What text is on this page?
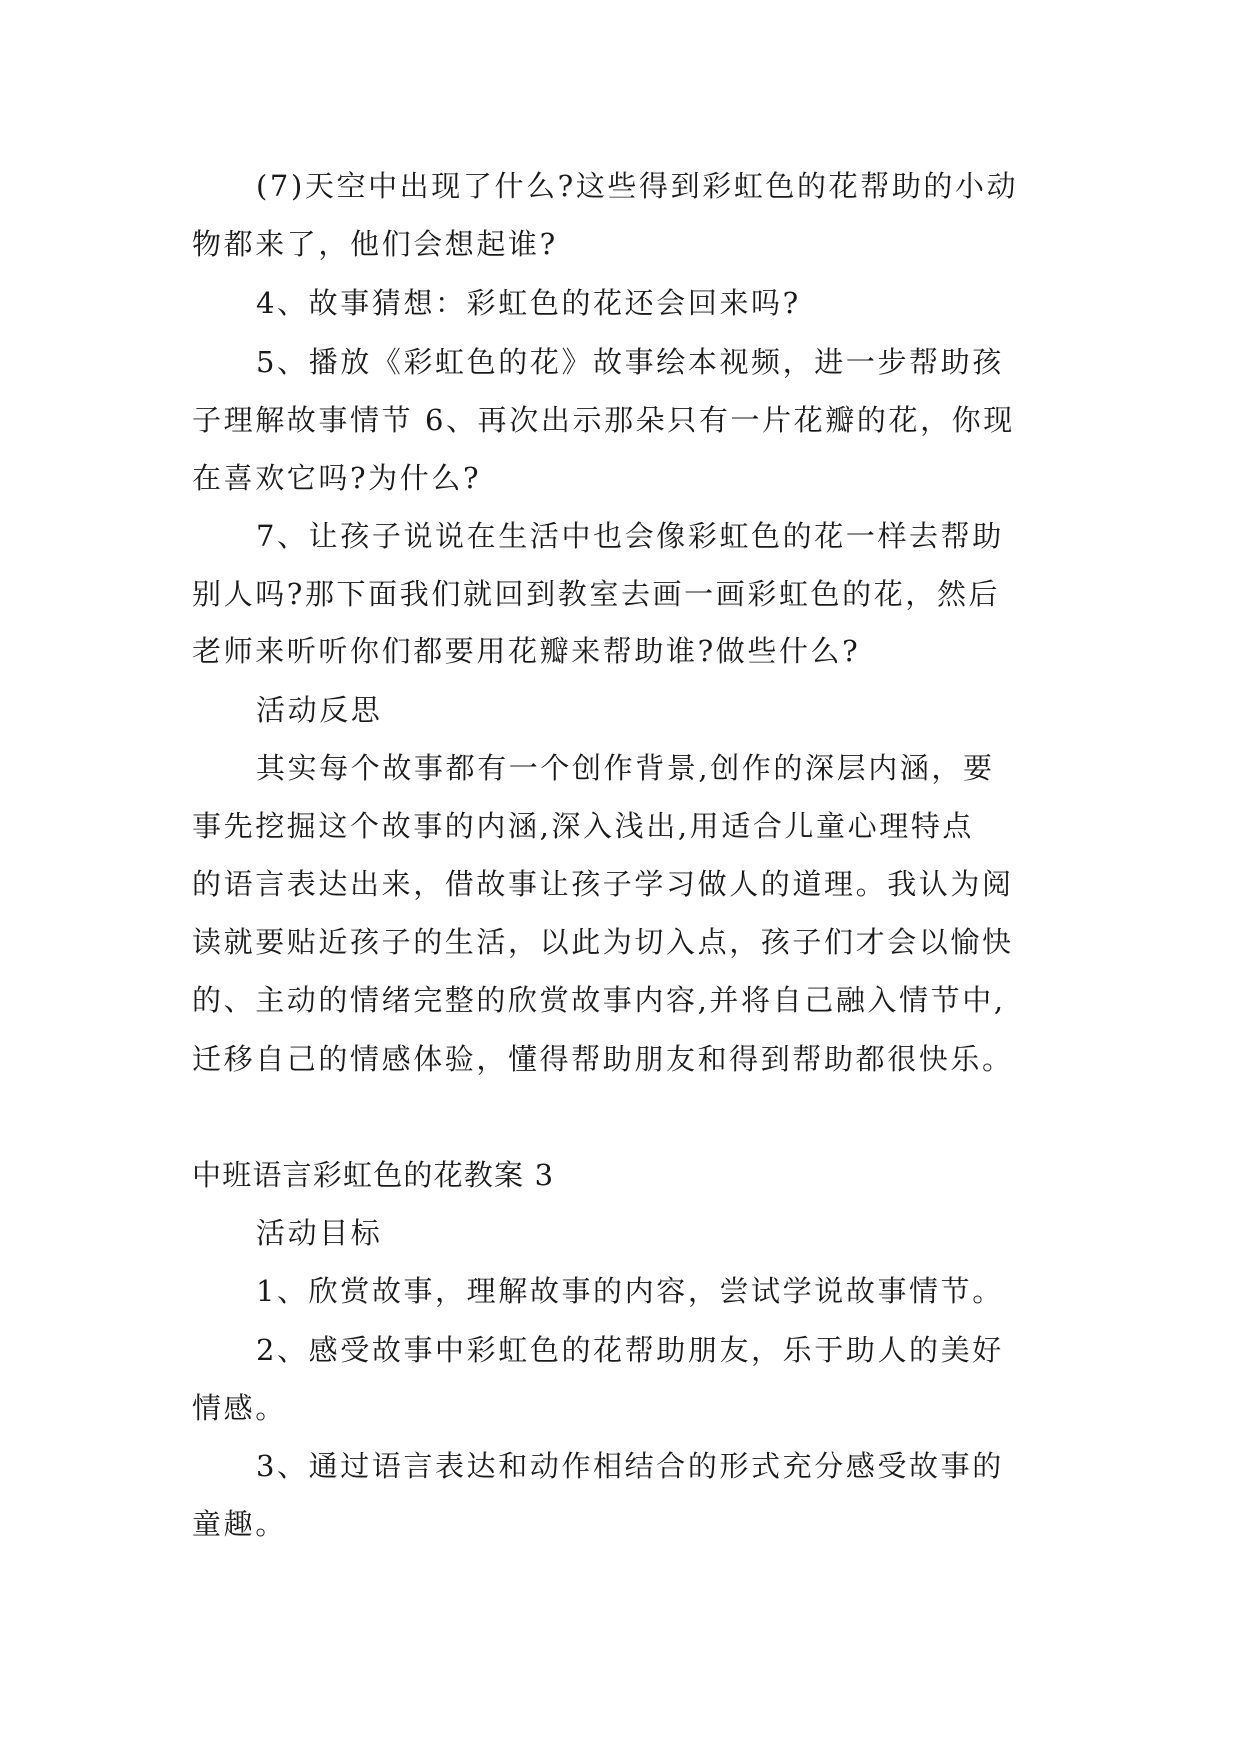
(7)天空中出现了什么?这些得到彩虹色的花帮助的小动
物都来了，他们会想起谁?
4、故事猜想：彩虹色的花还会回来吗?
5、播放《彩虹色的花》故事绘本视频，进一步帮助孩
子理解故事情节 6、再次出示那朵只有一片花瓣的花，你现
在喜欢它吗?为什么?
7、让孩子说说在生活中也会像彩虹色的花一样去帮助
别人吗?那下面我们就回到教室去画一画彩虹色的花，然后
老师来听听你们都要用花瓣来帮助谁?做些什么?
活动反思
其实每个故事都有一个创作背景,创作的深层内涵，要
事先挖掘这个故事的内涵,深入浅出,用适合儿童心理特点
的语言表达出来，借故事让孩子学习做人的道理。我认为阅
读就要贴近孩子的生活，以此为切入点，孩子们才会以愉快
的、主动的情绪完整的欣赏故事内容,并将自己融入情节中,
迁移自己的情感体验，懂得帮助朋友和得到帮助都很快乐。
中班语言彩虹色的花教案 3
活动目标
1、欣赏故事，理解故事的内容，尝试学说故事情节。
2、感受故事中彩虹色的花帮助朋友，乐于助人的美好
情感。
3、通过语言表达和动作相结合的形式充分感受故事的
童趣。
